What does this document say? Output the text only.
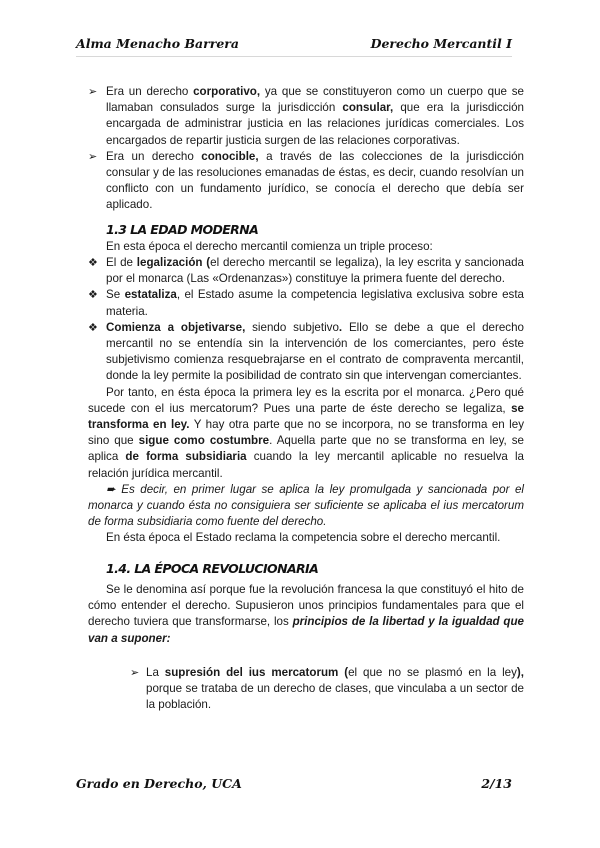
Alma Menacho Barrera	Derecho Mercantil I
➢ Era un derecho corporativo, ya que se constituyeron como un cuerpo que se llamaban consulados surge la jurisdicción consular, que era la jurisdicción encargada de administrar justicia en las relaciones jurídicas comerciales. Los encargados de repartir justicia surgen de las relaciones corporativas.
➢ Era un derecho conocible, a través de las colecciones de la jurisdicción consular y de las resoluciones emanadas de éstas, es decir, cuando resolvían un conflicto con un fundamento jurídico, se conocía el derecho que debía ser aplicado.
1.3 LA EDAD MODERNA
En esta época el derecho mercantil comienza un triple proceso:
❖ El de legalización (el derecho mercantil se legaliza), la ley escrita y sancionada por el monarca (Las «Ordenanzas») constituye la primera fuente del derecho.
❖ Se estataliza, el Estado asume la competencia legislativa exclusiva sobre esta materia.
❖ Comienza a objetivarse, siendo subjetivo. Ello se debe a que el derecho mercantil no se entendía sin la intervención de los comerciantes, pero éste subjetivismo comienza resquebrajarse en el contrato de compraventa mercantil, donde la ley permite la posibilidad de contrato sin que intervengan comerciantes.
Por tanto, en ésta época la primera ley es la escrita por el monarca. ¿Pero qué sucede con el ius mercatorum? Pues una parte de éste derecho se legaliza, se transforma en ley. Y hay otra parte que no se incorpora, no se transforma en ley sino que sigue como costumbre. Aquella parte que no se transforma en ley, se aplica de forma subsidiaria cuando la ley mercantil aplicable no resuelva la relación jurídica mercantil.
➨ Es decir, en primer lugar se aplica la ley promulgada y sancionada por el monarca y cuando ésta no consiguiera ser suficiente se aplicaba el ius mercatorum de forma subsidiaria como fuente del derecho.
En ésta época el Estado reclama la competencia sobre el derecho mercantil.
1.4. LA ÉPOCA REVOLUCIONARIA
Se le denomina así porque fue la revolución francesa la que constituyó el hito de cómo entender el derecho. Supusieron unos principios fundamentales para que el derecho tuviera que transformarse, los principios de la libertad y la igualdad que van a suponer:
➢ La supresión del ius mercatorum (el que no se plasmó en la ley), porque se trataba de un derecho de clases, que vinculaba a un sector de la población.
Grado en Derecho, UCA	2/13
